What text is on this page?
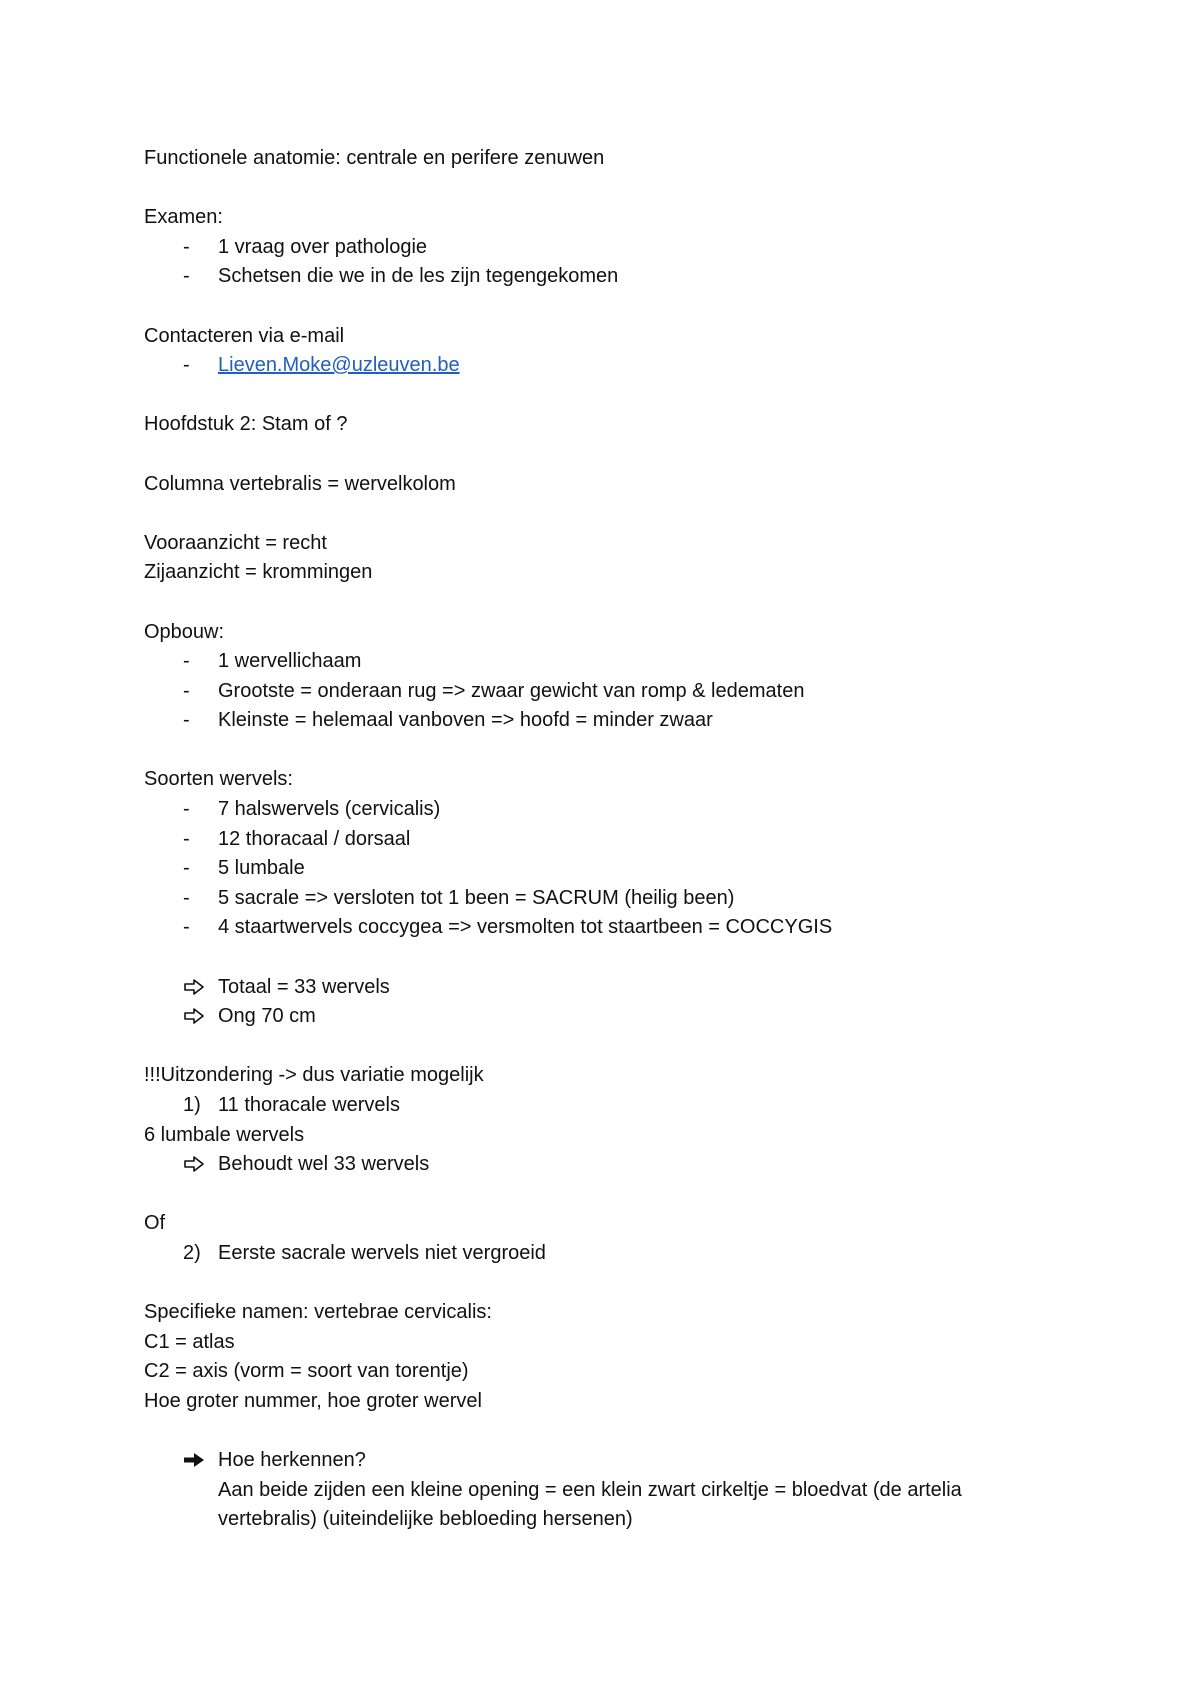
Functionele anatomie: centrale en perifere zenuwen
Examen:
- 1 vraag over pathologie
- Schetsen die we in de les zijn tegengekomen
Contacteren via e-mail
- Lieven.Moke@uzleuven.be
Hoofdstuk 2: Stam of ?
Columna vertebralis = wervelkolom
Vooraanzicht = recht
Zijaanzicht = krommingen
Opbouw:
- 1 wervellichaam
- Grootste = onderaan rug => zwaar gewicht van romp & ledematen
- Kleinste = helemaal vanboven => hoofd = minder zwaar
Soorten wervels:
- 7 halswervels (cervicalis)
- 12 thoracaal / dorsaal
- 5 lumbale
- 5 sacrale => versloten tot 1 been = SACRUM (heilig been)
- 4 staartwervels coccygea => versmolten tot staartbeen = COCCYGIS
Totaal = 33 wervels
Ong 70 cm
!!!Uitzondering -> dus variatie mogelijk
1) 11 thoracale wervels
6 lumbale wervels
Behoudt wel 33 wervels
Of
2) Eerste sacrale wervels niet vergroeid
Specifieke namen: vertebrae cervicalis:
C1 = atlas
C2 = axis (vorm = soort van torentje)
Hoe groter nummer, hoe groter wervel
Hoe herkennen?
Aan beide zijden een kleine opening = een klein zwart cirkeltje = bloedvat (de artelia vertebralis) (uiteindelijke bebloeding hersenen)
